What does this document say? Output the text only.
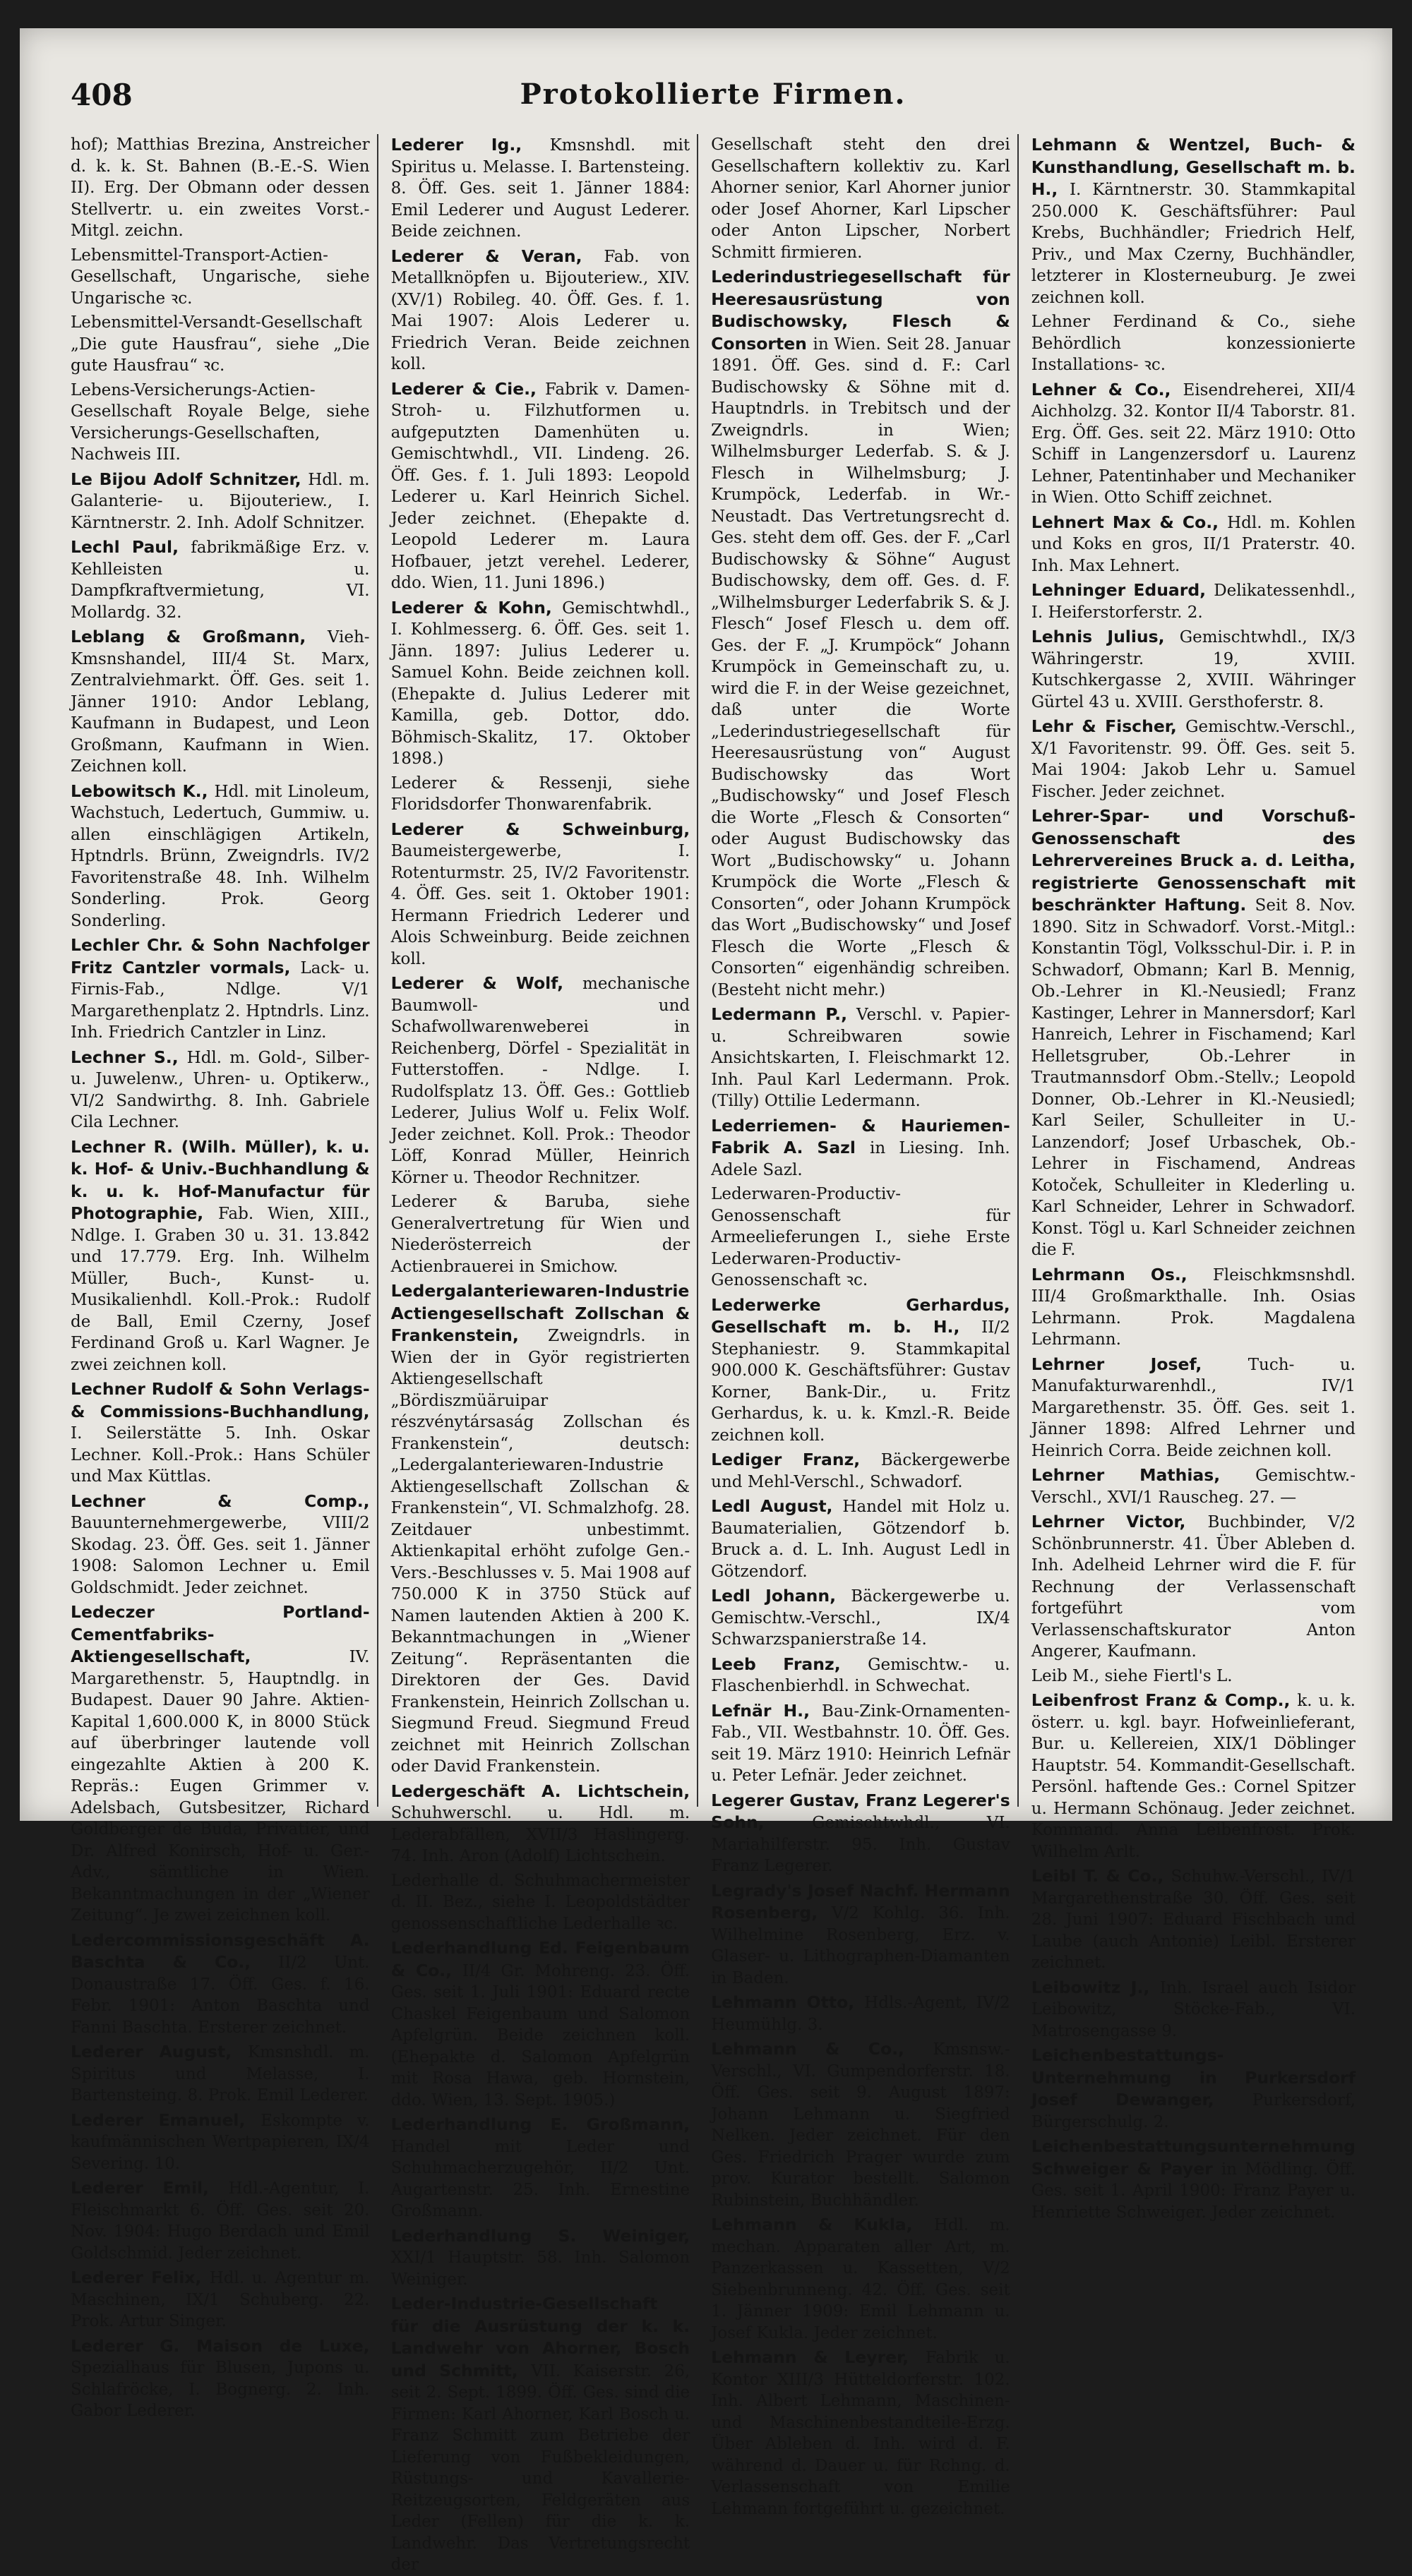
408	Protokollierte Firmen.

hof); Matthias Brezina, Anstreicher d. k. k. St. Bahnen (B.-E.-S. Wien II). Erg. Der Obmann oder dessen Stellvertr. u. ein zweites Vorst.-Mitgl. zeichn.

Lebensmittel-Transport-Actien-Gesellschaft, Ungarische, siehe Ungarische ꝛc.

Lebensmittel-Versandt-Gesellschaft „Die gute Hausfrau“, siehe „Die gute Hausfrau“ ꝛc.

Lebens-Versicherungs-Actien-Gesellschaft Royale Belge, siehe Versicherungs-Gesellschaften, Nachweis III.

Le Bijou Adolf Schnitzer, Hdl. m. Galanterie- u. Bijouteriew., I. Kärntnerstr. 2. Inh. Adolf Schnitzer.

Lechl Paul, fabrikmäßige Erz. v. Kehlleisten u. Dampfkraftvermietung, VI. Mollardg. 32.

Leblang & Großmann, Vieh-Kmsnshandel, III/4 St. Marx, Zentralviehmarkt. Öff. Ges. seit 1. Jänner 1910: Andor Leblang, Kaufmann in Budapest, und Leon Großmann, Kaufmann in Wien. Zeichnen koll.

Lebowitsch K., Hdl. mit Linoleum, Wachstuch, Ledertuch, Gummiw. u. allen einschlägigen Artikeln, Hptndrls. Brünn, Zweigndrls. IV/2 Favoritenstraße 48. Inh. Wilhelm Sonderling. Prok. Georg Sonderling.

Lechler Chr. & Sohn Nachfolger Fritz Cantzler vormals, Lack- u. Firnis-Fab., Ndlge. V/1 Margarethenplatz 2. Hptndrls. Linz. Inh. Friedrich Cantzler in Linz.

Lechner S., Hdl. m. Gold-, Silber- u. Juwelenw., Uhren- u. Optikerw., VI/2 Sandwirthg. 8. Inh. Gabriele Cila Lechner.

Lechner R. (Wilh. Müller), k. u. k. Hof- & Univ.-Buchhandlung & k. u. k. Hof-Manufactur für Photographie, Fab. Wien, XIII., Ndlge. I. Graben 30 u. 31. 13.842 und 17.779. Erg. Inh. Wilhelm Müller, Buch-, Kunst- u. Musikalienhdl. Koll.-Prok.: Rudolf de Ball, Emil Czerny, Josef Ferdinand Groß u. Karl Wagner. Je zwei zeichnen koll.

Lechner Rudolf & Sohn Verlags- & Commissions-Buchhandlung, I. Seilerstätte 5. Inh. Oskar Lechner. Koll.-Prok.: Hans Schüler und Max Küttlas.

Lechner & Comp., Bauunternehmergewerbe, VIII/2 Skodag. 23. Öff. Ges. seit 1. Jänner 1908: Salomon Lechner u. Emil Goldschmidt. Jeder zeichnet.

Ledeczer Portland-Cementfabriks-Aktiengesellschaft, IV. Margarethenstr. 5, Hauptndlg. in Budapest. Dauer 90 Jahre. Aktien-Kapital 1,600.000 K, in 8000 Stück auf überbringer lautende voll eingezahlte Aktien à 200 K. Repräs.: Eugen Grimmer v. Adelsbach, Gutsbesitzer, Richard Goldberger de Buda, Privatier, und Dr. Alfred Konirsch, Hof- u. Ger.-Adv., sämtliche in Wien. Bekanntmachungen in der „Wiener Zeitung“. Je zwei zeichnen koll.

Ledercommissionsgeschäft A. Baschta & Co., II/2 Unt. Donaustraße 17. Öff. Ges. f. 16. Febr. 1901: Anton Baschta und Fanni Baschta. Ersterer zeichnet.

Lederer August, Kmsnshdl. m. Spiritus und Melasse, I. Bartensteing. 8. Prok. Emil Lederer.

Lederer Emanuel, Eskompte v. kaufmännischen Wertpapieren, IX/4 Severing. 10.

Lederer Emil, Hdl.-Agentur, I. Fleischmarkt 6. Öff. Ges. seit 20. Nov. 1904: Hugo Berdach und Emil Goldschmid. Jeder zeichnet.

Lederer Felix, Hdl. u. Agentur m. Maschinen, IX/1 Schuberg. 22. Prok. Artur Singer.

Lederer G. Maison de Luxe, Spezialhaus für Blusen, Jupons u. Schlafröcke, I. Bognerg. 2. Inh. Gabor Lederer.

Lederer Ig., Kmsnshdl. mit Spiritus u. Melasse. I. Bartensteing. 8. Öff. Ges. seit 1. Jänner 1884: Emil Lederer und August Lederer. Beide zeichnen.

Lederer & Veran, Fab. von Metallknöpfen u. Bijouteriew., XIV. (XV/1) Robileg. 40. Öff. Ges. f. 1. Mai 1907: Alois Lederer u. Friedrich Veran. Beide zeichnen koll.

Lederer & Cie., Fabrik v. Damen-Stroh- u. Filzhutformen u. aufgeputzten Damenhüten u. Gemischtwhdl., VII. Lindeng. 26. Öff. Ges. f. 1. Juli 1893: Leopold Lederer u. Karl Heinrich Sichel. Jeder zeichnet. (Ehepakte d. Leopold Lederer m. Laura Hofbauer, jetzt verehel. Lederer, ddo. Wien, 11. Juni 1896.)

Lederer & Kohn, Gemischtwhdl., I. Kohlmesserg. 6. Öff. Ges. seit 1. Jänn. 1897: Julius Lederer u. Samuel Kohn. Beide zeichnen koll. (Ehepakte d. Julius Lederer mit Kamilla, geb. Dottor, ddo. Böhmisch-Skalitz, 17. Oktober 1898.)

Lederer & Ressenji, siehe Floridsdorfer Thonwarenfabrik.

Lederer & Schweinburg, Baumeistergewerbe, I. Rotenturmstr. 25, IV/2 Favoritenstr. 4. Öff. Ges. seit 1. Oktober 1901: Hermann Friedrich Lederer und Alois Schweinburg. Beide zeichnen koll.

Lederer & Wolf, mechanische Baumwoll- und Schafwollwarenweberei in Reichenberg, Dörfel - Spezialität in Futterstoffen. - Ndlge. I. Rudolfsplatz 13. Öff. Ges.: Gottlieb Lederer, Julius Wolf u. Felix Wolf. Jeder zeichnet. Koll. Prok.: Theodor Löff, Konrad Müller, Heinrich Körner u. Theodor Rechnitzer.

Lederer & Baruba, siehe Generalvertretung für Wien und Niederösterreich der Actienbrauerei in Smichow.

Ledergalanteriewaren-Industrie Actiengesellschaft Zollschan & Frankenstein, Zweigndrls. in Wien der in Györ registrierten Aktiengesellschaft „Bördiszmüäruipar részvénytársaság Zollschan és Frankenstein“, deutsch: „Ledergalanteriewaren-Industrie Aktiengesellschaft Zollschan & Frankenstein“, VI. Schmalzhofg. 28. Zeitdauer unbestimmt. Aktienkapital erhöht zufolge Gen.-Vers.-Beschlusses v. 5. Mai 1908 auf 750.000 K in 3750 Stück auf Namen lautenden Aktien à 200 K. Bekanntmachungen in „Wiener Zeitung“. Repräsentanten die Direktoren der Ges. David Frankenstein, Heinrich Zollschan u. Siegmund Freud. Siegmund Freud zeichnet mit Heinrich Zollschan oder David Frankenstein.

Ledergeschäft A. Lichtschein, Schuhwerschl. u. Hdl. m. Lederabfällen, XVII/3 Haslingerg. 74. Inh. Aron (Adolf) Lichtschein.

Lederhalle d. Schuhmachermeister d. II. Bez., siehe I. Leopoldstädter genossenschaftliche Lederhalle ꝛc.

Lederhandlung Ed. Feigenbaum & Co., II/4 Gr. Mohreng. 23. Öff. Ges. seit 1. Juli 1901: Eduard recte Chaskel Feigenbaum und Salomon Apfelgrün. Beide zeichnen koll. (Ehepakte d. Salomon Apfelgrün mit Rosa Hawa, geb. Hornstein, ddo. Wien, 13. Sept. 1905.)

Lederhandlung E. Großmann, Handel mit Leder und Schuhmacherzugehör, II/2 Unt. Augartenstr. 25. Inh. Ernestine Großmann.

Lederhandlung S. Weiniger, XXI/1 Hauptstr. 58. Inh. Salomon Weiniger.

Leder-Industrie-Gesellschaft für die Ausrüstung der k. k. Landwehr von Ahorner, Bosch und Schmitt, VII. Kaiserstr. 26, seit 2. Sept. 1899. Öff. Ges. sind die Firmen: Karl Ahorner, Karl Bosch u. Franz Schmitt zum Betriebe der Lieferung von Fußbekleidungen, Rüstungs- und Kavallerie-Reitzeugsorten, Feldgeräten aus Leder (Fellen) für die k. k. Landwehr. Das Vertretungsrecht der

Gesellschaft steht den drei Gesellschaftern kollektiv zu. Karl Ahorner senior, Karl Ahorner junior oder Josef Ahorner, Karl Lipscher oder Anton Lipscher, Norbert Schmitt firmieren.

Lederindustriegesellschaft für Heeresausrüstung von Budischowsky, Flesch & Consorten in Wien. Seit 28. Januar 1891. Öff. Ges. sind d. F.: Carl Budischowsky & Söhne mit d. Hauptndrls. in Trebitsch und der Zweigndrls. in Wien; Wilhelmsburger Lederfab. S. & J. Flesch in Wilhelmsburg; J. Krumpöck, Lederfab. in Wr.-Neustadt. Das Vertretungsrecht d. Ges. steht dem off. Ges. der F. „Carl Budischowsky & Söhne“ August Budischowsky, dem off. Ges. d. F. „Wilhelmsburger Lederfabrik S. & J. Flesch“ Josef Flesch u. dem off. Ges. der F. „J. Krumpöck“ Johann Krumpöck in Gemeinschaft zu, u. wird die F. in der Weise gezeichnet, daß unter die Worte „Lederindustriegesellschaft für Heeresausrüstung von“ August Budischowsky das Wort „Budischowsky“ und Josef Flesch die Worte „Flesch & Consorten“ oder August Budischowsky das Wort „Budischowsky“ u. Johann Krumpöck die Worte „Flesch & Consorten“, oder Johann Krumpöck das Wort „Budischowsky“ und Josef Flesch die Worte „Flesch & Consorten“ eigenhändig schreiben. (Besteht nicht mehr.)

Ledermann P., Verschl. v. Papier- u. Schreibwaren sowie Ansichtskarten, I. Fleischmarkt 12. Inh. Paul Karl Ledermann. Prok. (Tilly) Ottilie Ledermann.

Lederriemen- & Hauriemen-Fabrik A. Sazl in Liesing. Inh. Adele Sazl.

Lederwaren-Productiv-Genossenschaft für Armeelieferungen I., siehe Erste Lederwaren-Productiv-Genossenschaft ꝛc.

Lederwerke Gerhardus, Gesellschaft m. b. H., II/2 Stephaniestr. 9. Stammkapital 900.000 K. Geschäftsführer: Gustav Korner, Bank-Dir., u. Fritz Gerhardus, k. u. k. Kmzl.-R. Beide zeichnen koll.

Lediger Franz, Bäckergewerbe und Mehl-Verschl., Schwadorf.

Ledl August, Handel mit Holz u. Baumaterialien, Götzendorf b. Bruck a. d. L. Inh. August Ledl in Götzendorf.

Ledl Johann, Bäckergewerbe u. Gemischtw.-Verschl., IX/4 Schwarzspanierstraße 14.

Leeb Franz, Gemischtw.- u. Flaschenbierhdl. in Schwechat.

Lefnär H., Bau-Zink-Ornamenten-Fab., VII. Westbahnstr. 10. Öff. Ges. seit 19. März 1910: Heinrich Lefnär u. Peter Lefnär. Jeder zeichnet.

Legerer Gustav, Franz Legerer's Sohn, Gemischtwhdl., VI. Mariahilferstr. 95. Inh. Gustav Franz Legerer.

Legrady's Josef Nachf. Hermann Rosenberg, V/2 Kohlg. 36. Inh. Wilhelmine Rosenberg, Erz. v. Glaser- u. Lithographen-Diamanten in Baden.

Lehmann Otto, Hdls.-Agent, IV/2 Heumühlg. 3.

Lehmann & Co., Kmsnsw.-Verschl., VI. Gumpendorferstr. 18. Öff. Ges. seit 9. August 1897: Johann Lehmann u. Siegfried Nelken. Jeder zeichnet. Für den Ges. Friedrich Prager wurde zum prov. Kurator bestellt. Salomon Rubinstein, Buchhändler.

Lehmann & Kukla, Hdl. m. mechan. Apparaten aller Art, m. Panzerkassen u. Kassetten, V/2 Siebenbrunneng. 42. Öff. Ges. seit 1. Jänner 1909: Emil Lehmann u. Josef Kukla. Jeder zeichnet.

Lehmann & Leyrer, Fabrik u. Kontor XIII/3 Hütteldorferstr. 102. Inh. Albert Lehmann, Maschinen- und Maschinenbestandteile-Erzg. Über Ableben d. Inh. wird d. F. während d. Dauer u. für Rchng. d. Verlassenschaft von Emilie Lehmann fortgeführt u. gezeichnet.

Lehmann & Wentzel, Buch- & Kunsthandlung, Gesellschaft m. b. H., I. Kärntnerstr. 30. Stammkapital 250.000 K. Geschäftsführer: Paul Krebs, Buchhändler; Friedrich Helf, Priv., und Max Czerny, Buchhändler, letzterer in Klosterneuburg. Je zwei zeichnen koll.

Lehner Ferdinand & Co., siehe Behördlich konzessionierte Installations- ꝛc.

Lehner & Co., Eisendreherei, XII/4 Aichholzg. 32. Kontor II/4 Taborstr. 81. Erg. Öff. Ges. seit 22. März 1910: Otto Schiff in Langenzersdorf u. Laurenz Lehner, Patentinhaber und Mechaniker in Wien. Otto Schiff zeichnet.

Lehnert Max & Co., Hdl. m. Kohlen und Koks en gros, II/1 Praterstr. 40. Inh. Max Lehnert.

Lehninger Eduard, Delikatessenhdl., I. Heiferstorferstr. 2.

Lehnis Julius, Gemischtwhdl., IX/3 Währingerstr. 19, XVIII. Kutschkergasse 2, XVIII. Währinger Gürtel 43 u. XVIII. Gersthoferstr. 8.

Lehr & Fischer, Gemischtw.-Verschl., X/1 Favoritenstr. 99. Öff. Ges. seit 5. Mai 1904: Jakob Lehr u. Samuel Fischer. Jeder zeichnet.

Lehrer-Spar- und Vorschuß-Genossenschaft des Lehrervereines Bruck a. d. Leitha, registrierte Genossenschaft mit beschränkter Haftung. Seit 8. Nov. 1890. Sitz in Schwadorf. Vorst.-Mitgl.: Konstantin Tögl, Volksschul-Dir. i. P. in Schwadorf, Obmann; Karl B. Mennig, Ob.-Lehrer in Kl.-Neusiedl; Franz Kastinger, Lehrer in Mannersdorf; Karl Hanreich, Lehrer in Fischamend; Karl Helletsgruber, Ob.-Lehrer in Trautmannsdorf Obm.-Stellv.; Leopold Donner, Ob.-Lehrer in Kl.-Neusiedl; Karl Seiler, Schulleiter in U.-Lanzendorf; Josef Urbaschek, Ob.-Lehrer in Fischamend, Andreas Kotoček, Schulleiter in Klederling u. Karl Schneider, Lehrer in Schwadorf. Konst. Tögl u. Karl Schneider zeichnen die F.

Lehrmann Os., Fleischkmsnshdl. III/4 Großmarkthalle. Inh. Osias Lehrmann. Prok. Magdalena Lehrmann.

Lehrner Josef, Tuch- u. Manufakturwarenhdl., IV/1 Margarethenstr. 35. Öff. Ges. seit 1. Jänner 1898: Alfred Lehrner und Heinrich Corra. Beide zeichnen koll.

Lehrner Mathias, Gemischtw.-Verschl., XVI/1 Rauscheg. 27. —

Lehrner Victor, Buchbinder, V/2 Schönbrunnerstr. 41. Über Ableben d. Inh. Adelheid Lehrner wird die F. für Rechnung der Verlassenschaft fortgeführt vom Verlassenschaftskurator Anton Angerer, Kaufmann.

Leib M., siehe Fiertl's L.

Leibenfrost Franz & Comp., k. u. k. österr. u. kgl. bayr. Hofweinlieferant, Bur. u. Kellereien, XIX/1 Döblinger Hauptstr. 54. Kommandit-Gesellschaft. Persönl. haftende Ges.: Cornel Spitzer u. Hermann Schönaug. Jeder zeichnet. Kommand. Anna Leibenfrost. Prok. Wilhelm Arlt.

Leibl T. & Co., Schuhw.-Verschl., IV/1 Margarethenstraße 30. Öff. Ges. seit 28. Juni 1907: Eduard Fischbach und Laube (auch Antonie) Leibl. Ersterer zeichnet.

Leibowitz J., Inh. Israel auch Isidor Leibowitz, Stöcke-Fab., VI. Matrosengasse 9.

Leichenbestattungs-Unternehmung in Purkersdorf Josef Dewanger, Purkersdorf, Bürgerschulg. 2.

Leichenbestattungsunternehmung Schweiger & Payer in Mödling. Öff. Ges. seit 1. April 1900: Franz Payer u. Henriette Schweiger. Jeder zeichnet.
